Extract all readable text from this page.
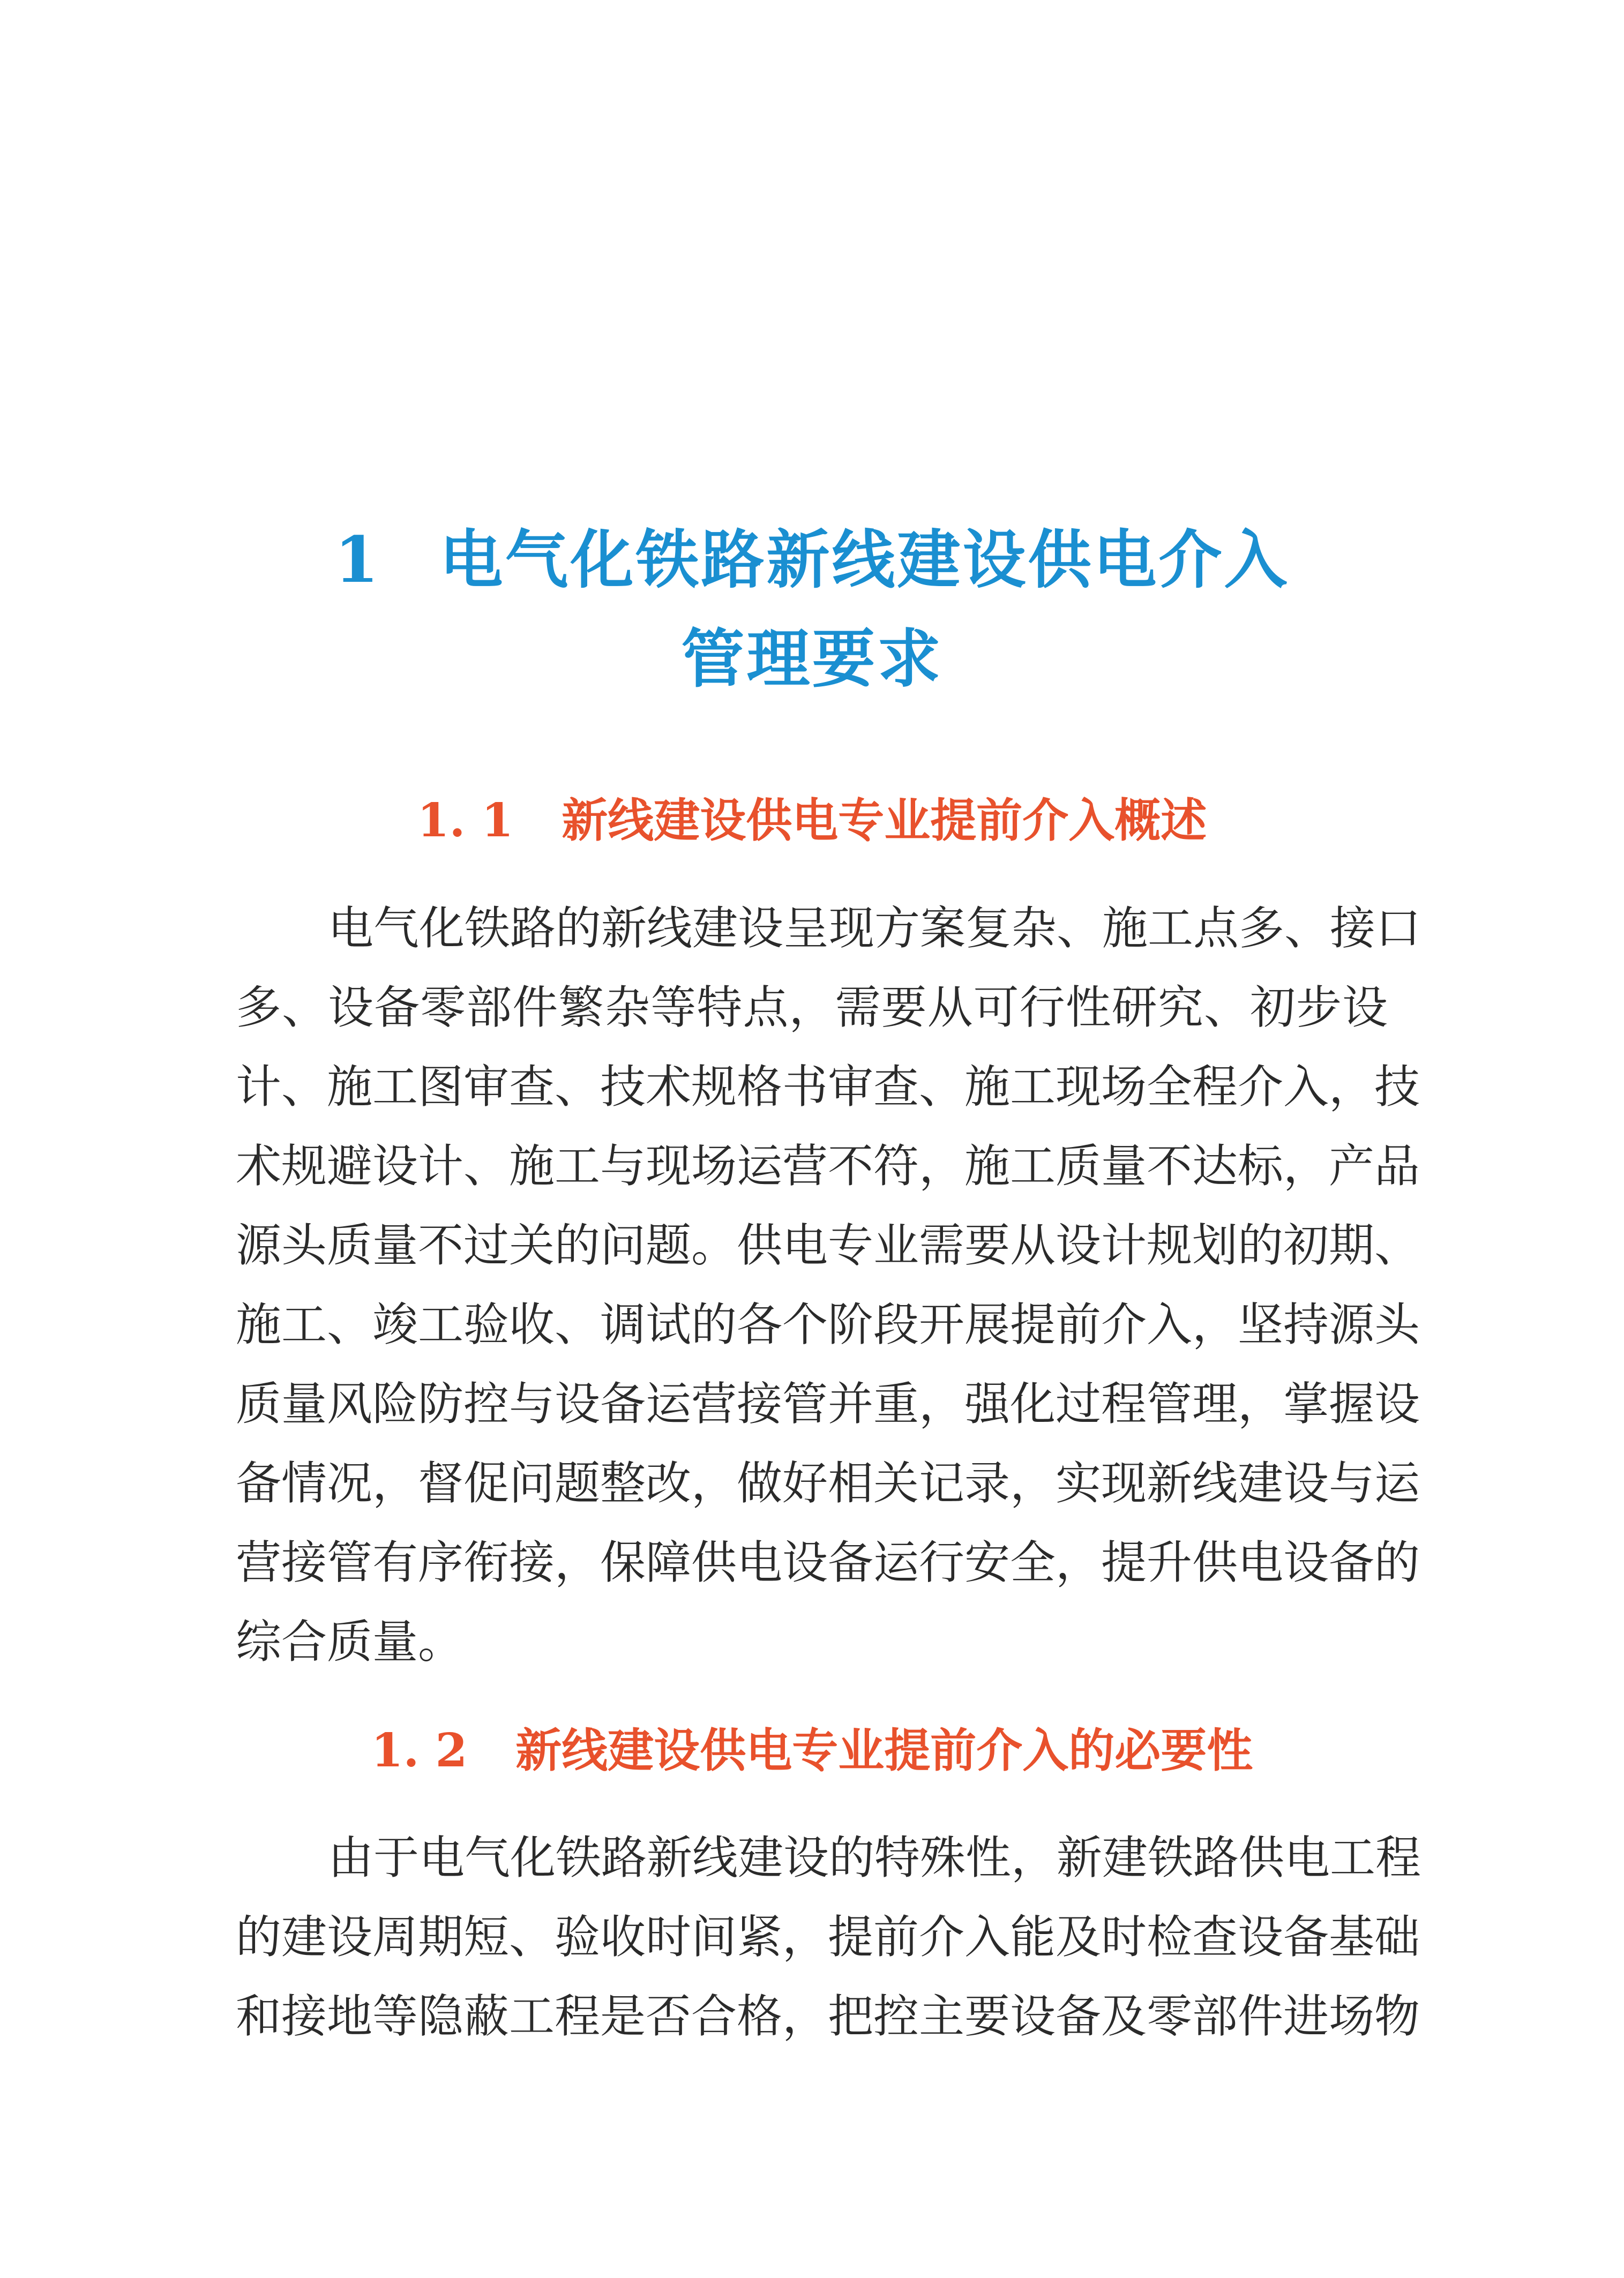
1 电气化铁路新线建设供电介入
管理要求
1. 1 新线建设供电专业提前介入概述
电气化铁路的新线建设呈现方案复杂、施工点多、接口
多、设备零部件繁杂等特点，需要从可行性研究、初步设
计、施工图审查、技术规格书审查、施工现场全程介入，技
术规避设计、施工与现场运营不符，施工质量不达标，产品
源头质量不过关的问题。供电专业需要从设计规划的初期、
施工、竣工验收、调试的各个阶段开展提前介入，坚持源头
质量风险防控与设备运营接管并重，强化过程管理，掌握设
备情况，督促问题整改，做好相关记录，实现新线建设与运
营接管有序衔接，保障供电设备运行安全，提升供电设备的
综合质量。
1. 2 新线建设供电专业提前介入的必要性
由于电气化铁路新线建设的特殊性，新建铁路供电工程
的建设周期短、验收时间紧，提前介入能及时检查设备基础
和接地等隐蔽工程是否合格，把控主要设备及零部件进场物
